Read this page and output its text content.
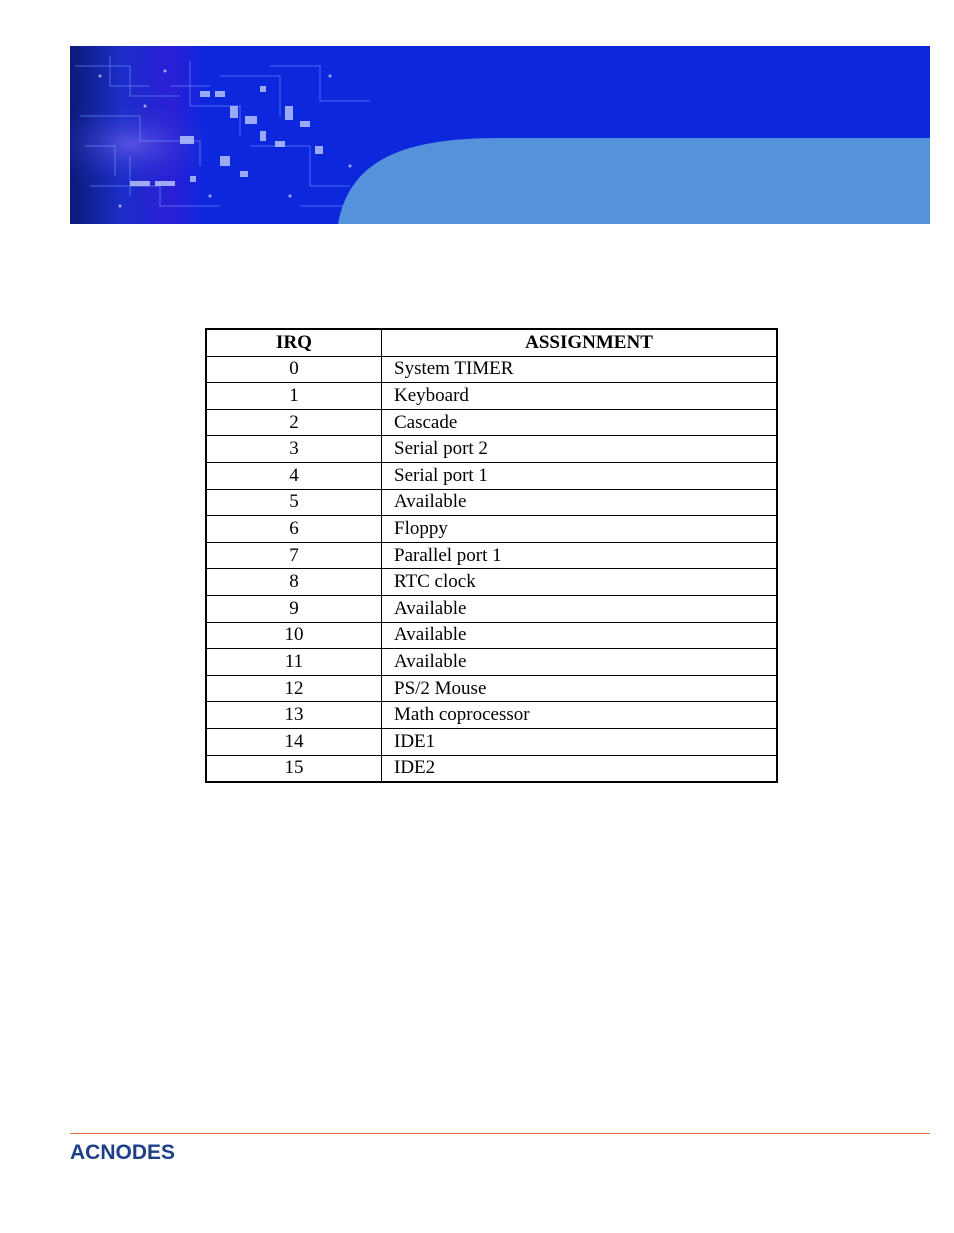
IRQ	ASSIGNMENT
0	System TIMER
1	Keyboard
2	Cascade
3	Serial port 2
4	Serial port 1
5	Available
6	Floppy
7	Parallel port 1
8	RTC clock
9	Available
10	Available
11	Available
12	PS/2 Mouse
13	Math coprocessor
14	IDE1
15	IDE2
ACNODES
